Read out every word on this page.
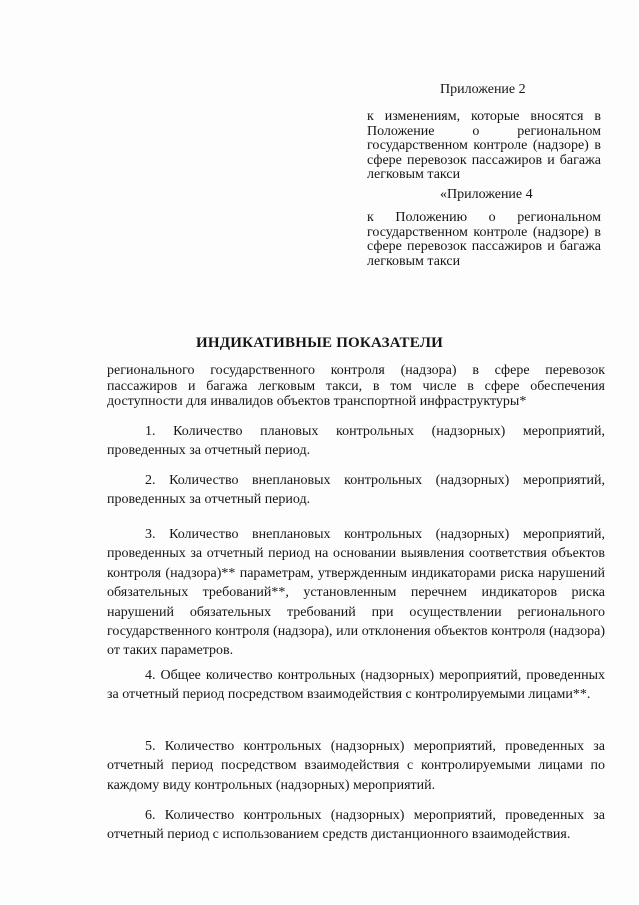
Приложение 2

к изменениям, которые вносятся в Положение о региональном государственном контроле (надзоре) в сфере перевозок пассажиров и багажа легковым такси

«Приложение 4

к Положению о региональном государственном контроле (надзоре) в сфере перевозок пассажиров и багажа легковым такси

ИНДИКАТИВНЫЕ ПОКАЗАТЕЛИ

регионального государственного контроля (надзора) в сфере перевозок пассажиров и багажа легковым такси, в том числе в сфере обеспечения доступности для инвалидов объектов транспортной инфраструктуры*

1. Количество плановых контрольных (надзорных) мероприятий, проведенных за отчетный период.

2. Количество внеплановых контрольных (надзорных) мероприятий, проведенных за отчетный период.

3. Количество внеплановых контрольных (надзорных) мероприятий, проведенных за отчетный период на основании выявления соответствия объектов контроля (надзора)** параметрам, утвержденным индикаторами риска нарушений обязательных требований**, установленным перечнем индикаторов риска нарушений обязательных требований при осуществлении регионального государственного контроля (надзора), или отклонения объектов контроля (надзора) от таких параметров.

4. Общее количество контрольных (надзорных) мероприятий, проведенных за отчетный период посредством взаимодействия с контролируемыми лицами**.

5. Количество контрольных (надзорных) мероприятий, проведенных за отчетный период посредством взаимодействия с контролируемыми лицами по каждому виду контрольных (надзорных) мероприятий.

6. Количество контрольных (надзорных) мероприятий, проведенных за отчетный период с использованием средств дистанционного взаимодействия.
